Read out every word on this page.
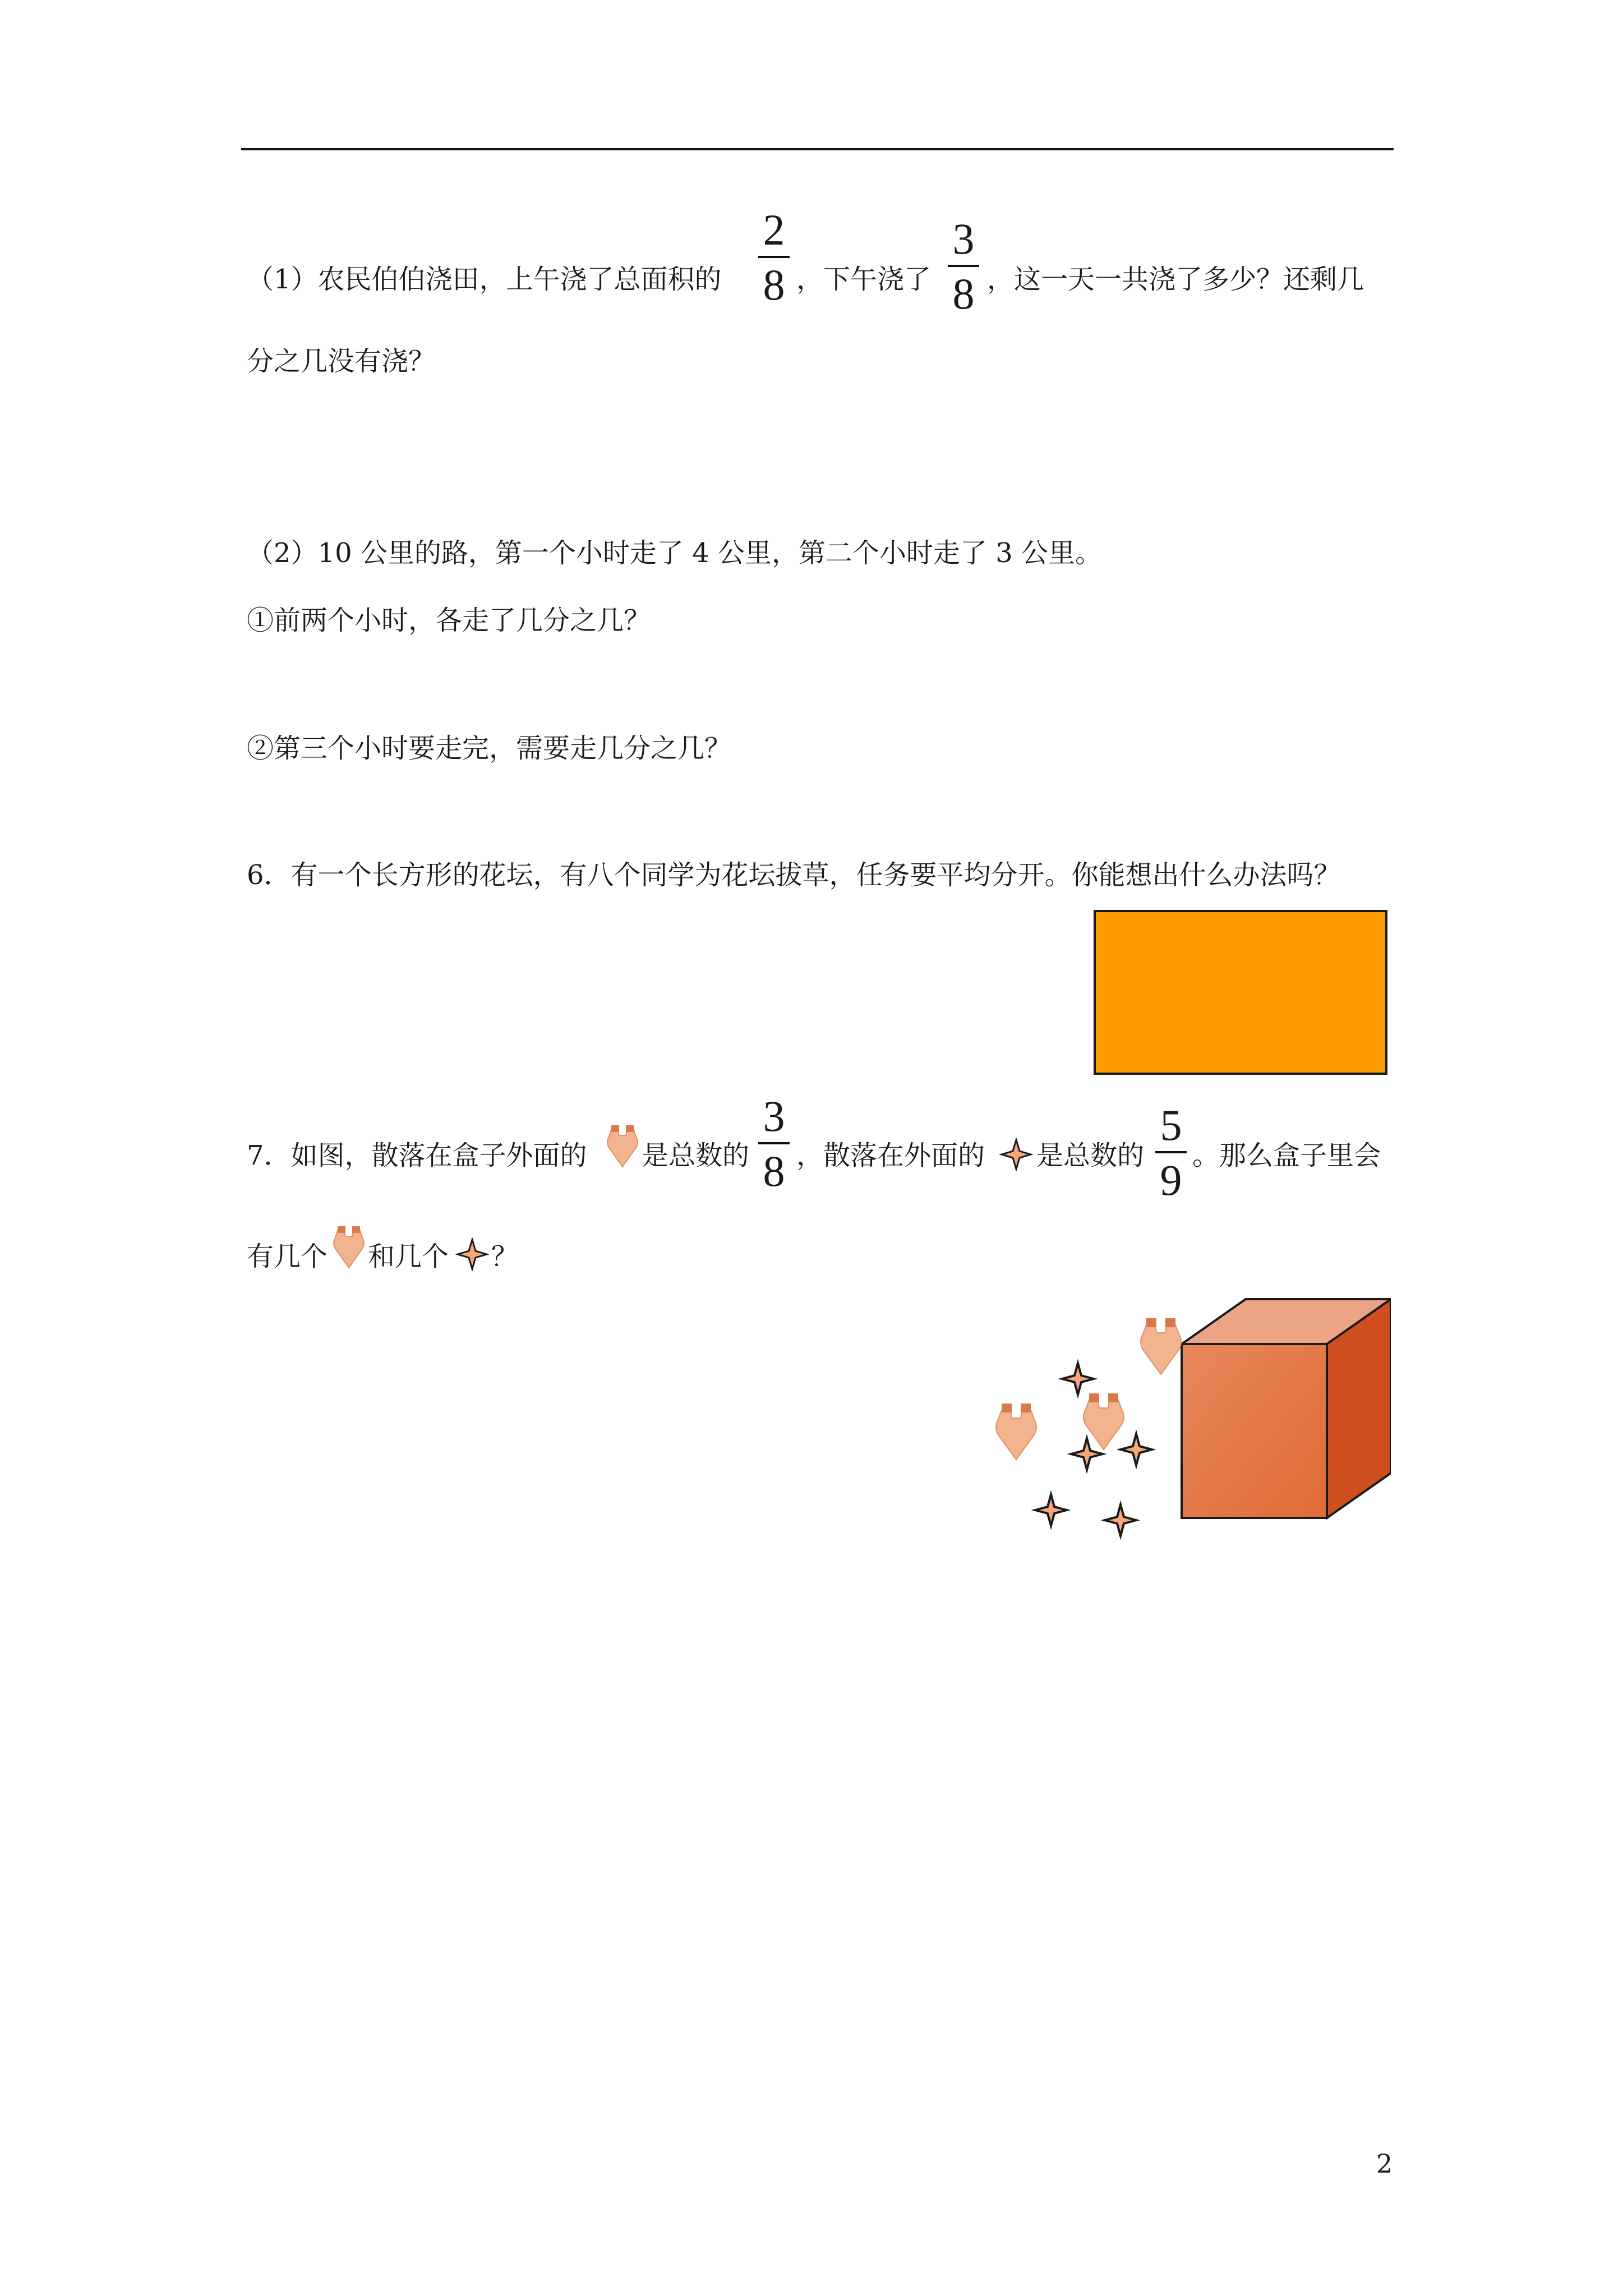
（1）农民伯伯浇田，上午浇了总面积的
2
8 ，下午浇了
3
8 ，这一天一共浇了多少？还剩几
分之几没有浇？
（2）10 公里的路，第一个小时走了 4 公里，第二个小时走了 3 公里。
①前两个小时，各走了几分之几？
②第三个小时要走完，需要走几分之几？
6．有一个长方形的花坛，有八个同学为花坛拔草，任务要平均分开。你能想出什么办法吗？
7．如图，散落在盒子外面的 是总数的
3
8 ，散落在外面的 是总数的
5
9 。那么盒子里会
有几个 和几个 ？
2
